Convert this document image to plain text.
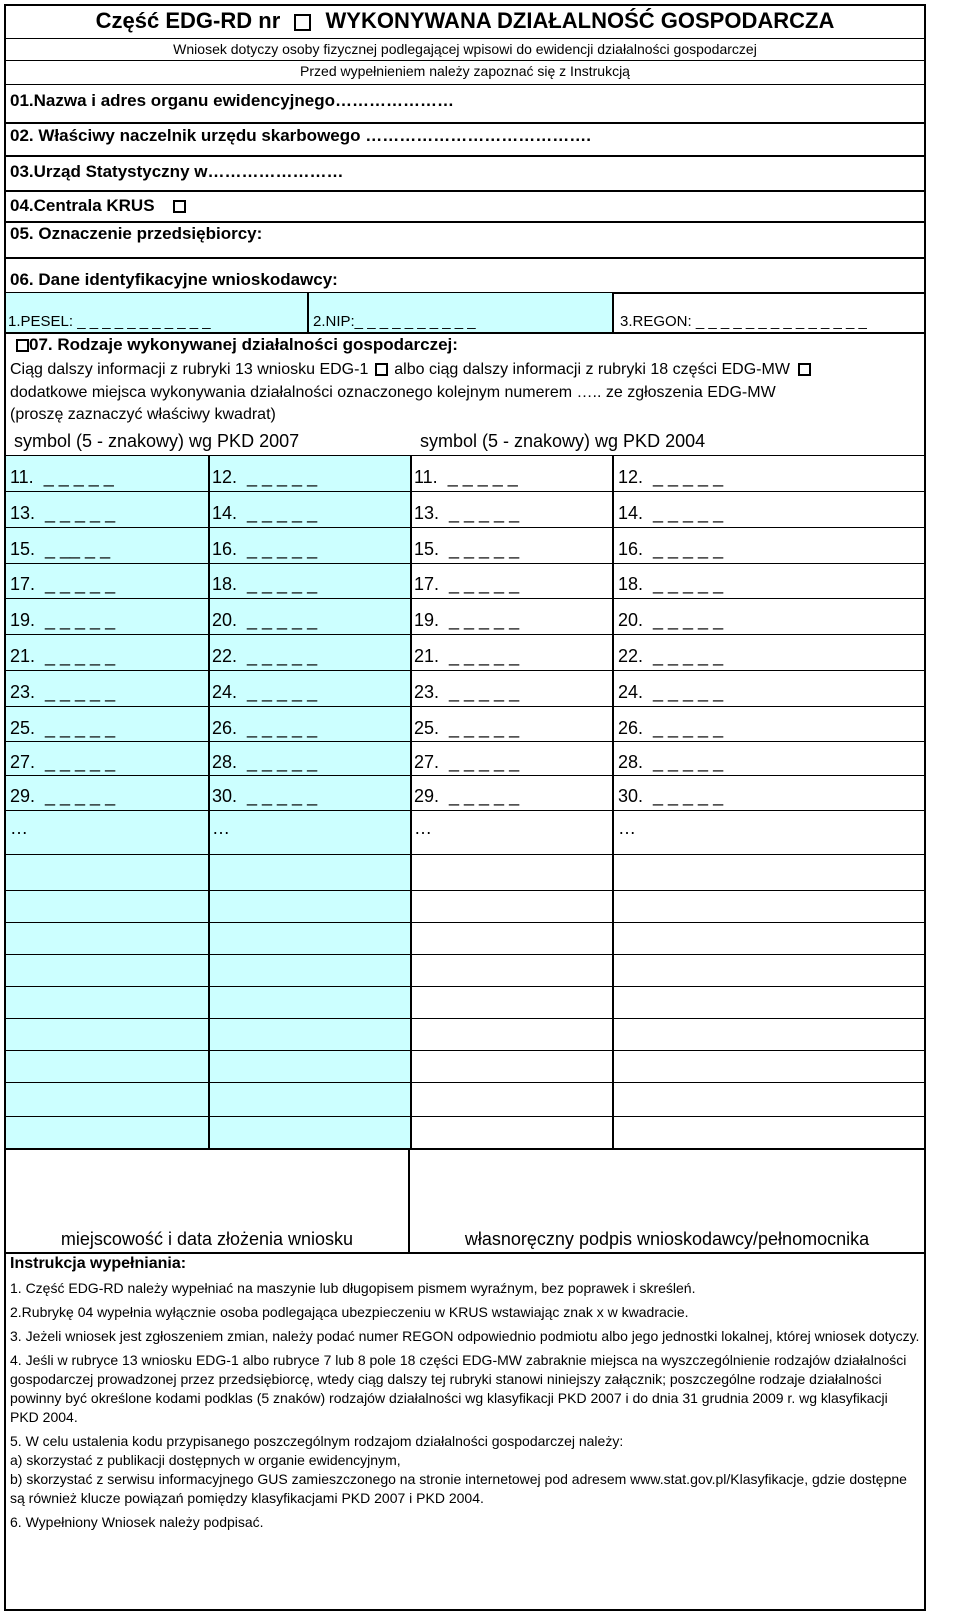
Część EDG-RD nr WYKONYWANA DZIAŁALNOŚĆ GOSPODARCZA
Wniosek dotyczy osoby fizycznej podlegającej wpisowi do ewidencji działalności gospodarczej
Przed wypełnieniem należy zapoznać się z Instrukcją
01.Nazwa i adres organu ewidencyjnego…………………
02. Właściwy naczelnik urzędu skarbowego ………………………………….
03.Urząd Statystyczny w……………………
04.Centrala KRUS
05. Oznaczenie przedsiębiorcy:
06. Dane identyfikacyjne wnioskodawcy:
1.PESEL: _ _ _ _ _ _ _ _ _ _ _	2.NIP:_ _ _ _ _ _ _ _ _ _	3.REGON: _ _ _ _ _ _ _ _ _ _ _ _ _ _
07. Rodzaje wykonywanej działalności gospodarczej:
Ciąg dalszy informacji z rubryki 13 wniosku EDG-1 albo ciąg dalszy informacji z rubryki 18 części EDG-MW
dodatkowe miejsca wykonywania działalności oznaczonego kolejnym numerem ….. ze zgłoszenia EDG-MW
(proszę zaznaczyć właściwy kwadrat)
symbol (5 - znakowy) wg PKD 2007	symbol (5 - znakowy) wg PKD 2004
11.  _ _ _ _ _	12.  _ _ _ _ _	11.  _ _ _ _ _	12.  _ _ _ _ _
13.  _ _ _ _ _	14.  _ _ _ _ _	13.  _ _ _ _ _	14.  _ _ _ _ _
15.  _ __ _ _	16.  _ _ _ _ _	15.  _ _ _ _ _	16.  _ _ _ _ _
17.  _ _ _ _ _	18.  _ _ _ _ _	17.  _ _ _ _ _	18.  _ _ _ _ _
19.  _ _ _ _ _	20.  _ _ _ _ _	19.  _ _ _ _ _	20.  _ _ _ _ _
21.  _ _ _ _ _	22.  _ _ _ _ _	21.  _ _ _ _ _	22.  _ _ _ _ _
23.  _ _ _ _ _	24.  _ _ _ _ _	23.  _ _ _ _ _	24.  _ _ _ _ _
25.  _ _ _ _ _	26.  _ _ _ _ _	25.  _ _ _ _ _	26.  _ _ _ _ _
27.  _ _ _ _ _	28.  _ _ _ _ _	27.  _ _ _ _ _	28.  _ _ _ _ _
29.  _ _ _ _ _	30.  _ _ _ _ _	29.  _ _ _ _ _	30.  _ _ _ _ _
…	…	…	…
miejscowość i data złożenia wniosku	własnoręczny podpis wnioskodawcy/pełnomocnika

Instrukcja wypełniania:

1. Część EDG-RD należy wypełniać na maszynie lub długopisem pismem wyraźnym, bez poprawek i skreśleń.

2.Rubrykę 04 wypełnia wyłącznie osoba podlegająca ubezpieczeniu w KRUS wstawiając znak x w kwadracie.

3. Jeżeli wniosek jest zgłoszeniem zmian, należy podać numer REGON odpowiednio podmiotu albo jego jednostki lokalnej, której wniosek dotyczy.

4. Jeśli w rubryce 13 wniosku EDG-1 albo rubryce 7 lub 8 pole 18 części EDG-MW zabraknie miejsca na wyszczególnienie rodzajów działalności gospodarczej prowadzonej przez przedsiębiorcę, wtedy ciąg dalszy tej rubryki stanowi niniejszy załącznik; poszczególne rodzaje działalności powinny być określone kodami podklas (5 znaków) rodzajów działalności wg klasyfikacji PKD 2007 i do dnia 31 grudnia 2009 r. wg klasyfikacji PKD 2004.

5. W celu ustalenia kodu przypisanego poszczególnym rodzajom działalności gospodarczej należy:

a) skorzystać z publikacji dostępnych w organie ewidencyjnym,

b) skorzystać z serwisu informacyjnego GUS zamieszczonego na stronie internetowej pod adresem www.stat.gov.pl/Klasyfikacje, gdzie dostępne są również klucze powiązań pomiędzy klasyfikacjami PKD 2007 i PKD 2004.

6. Wypełniony Wniosek należy podpisać.
